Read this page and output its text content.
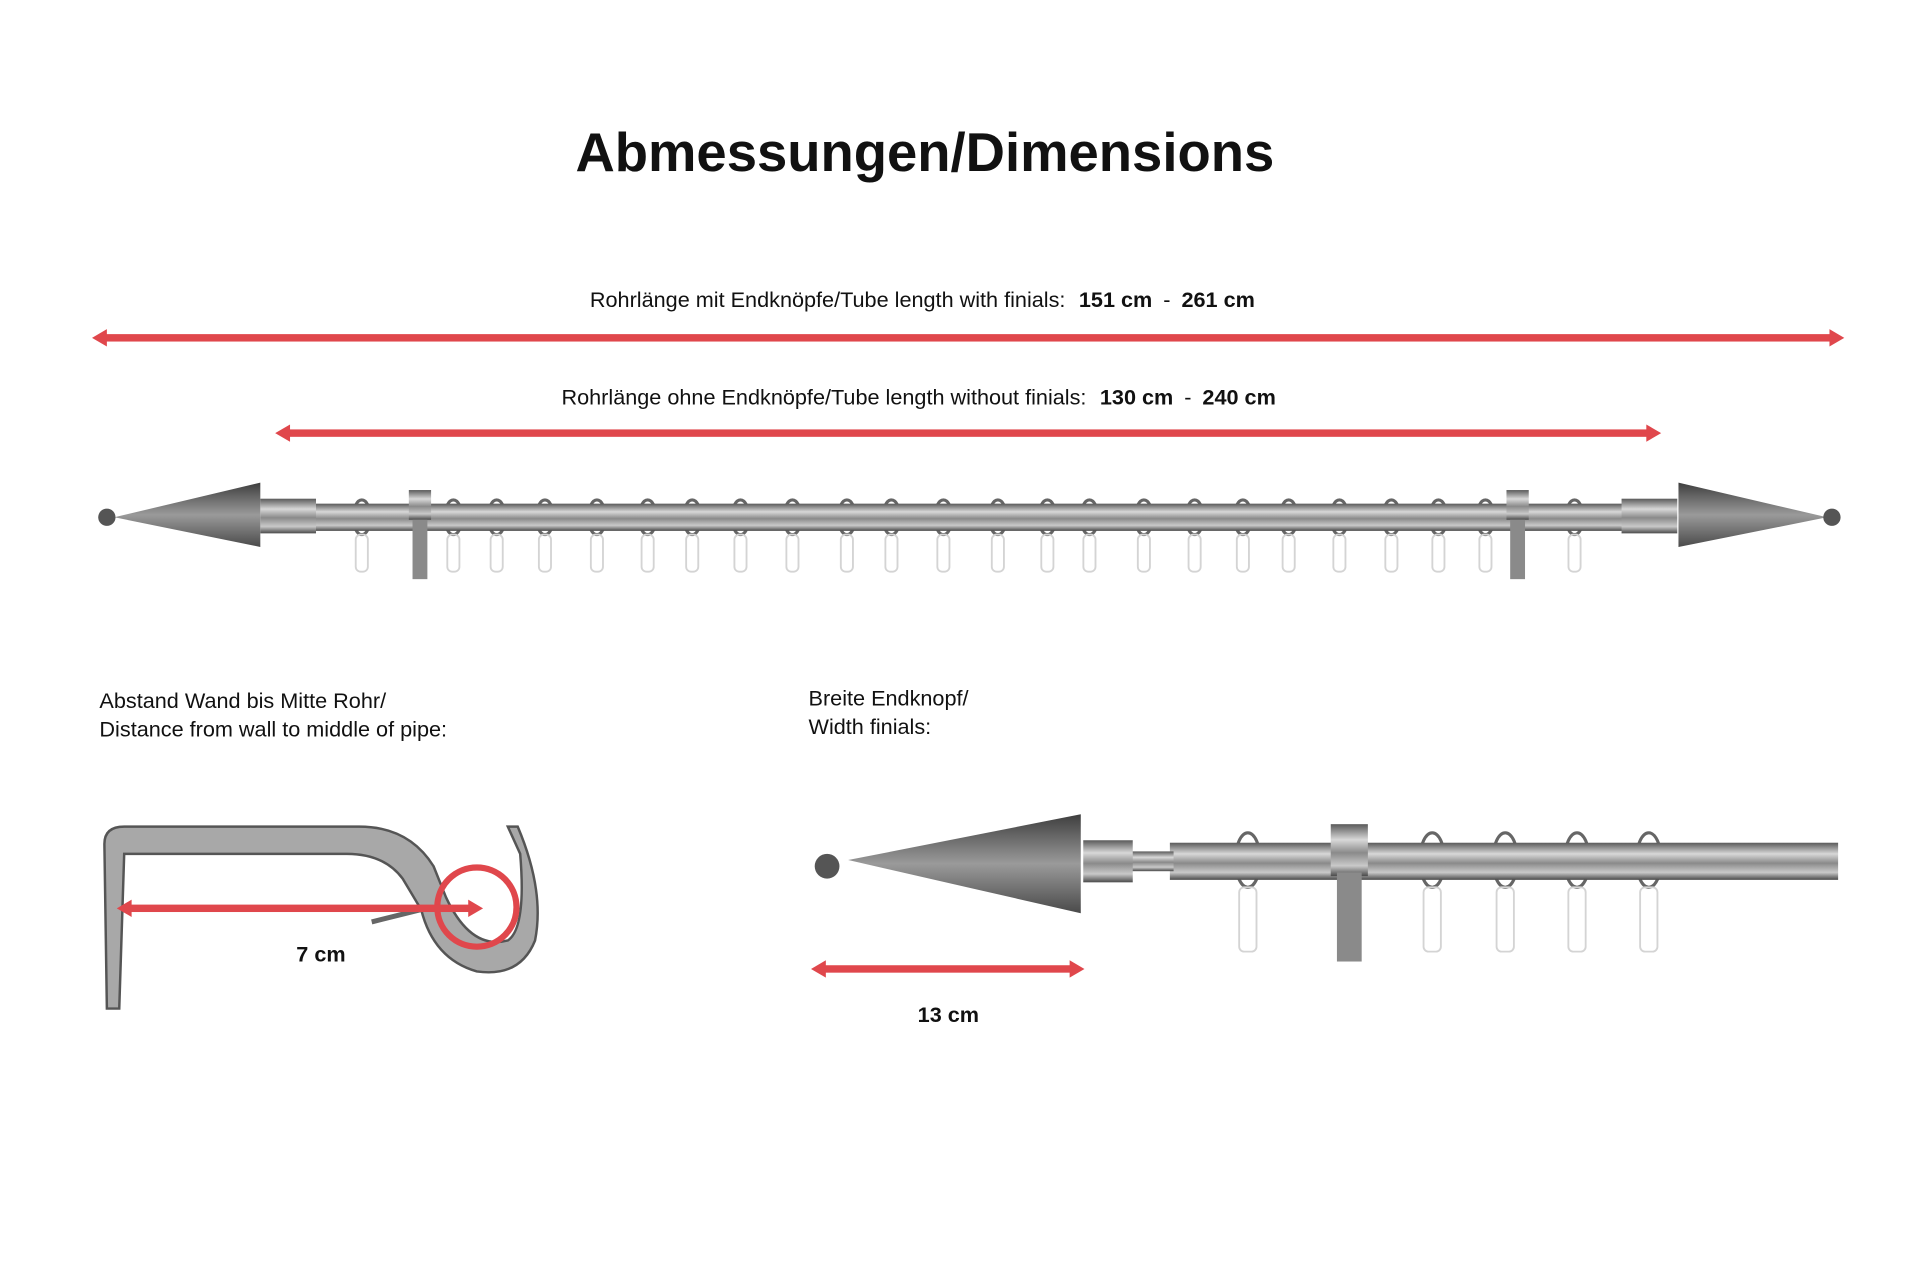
Abmessungen/Dimensions
Rohrlänge mit Endknöpfe/Tube length with finials: 151 cm - 261 cm
Rohrlänge ohne Endknöpfe/Tube length without finials: 130 cm - 240 cm
Abstand Wand bis Mitte Rohr/
Distance from wall to middle of pipe:
7 cm
Breite Endknopf/
Width finials:
13 cm
